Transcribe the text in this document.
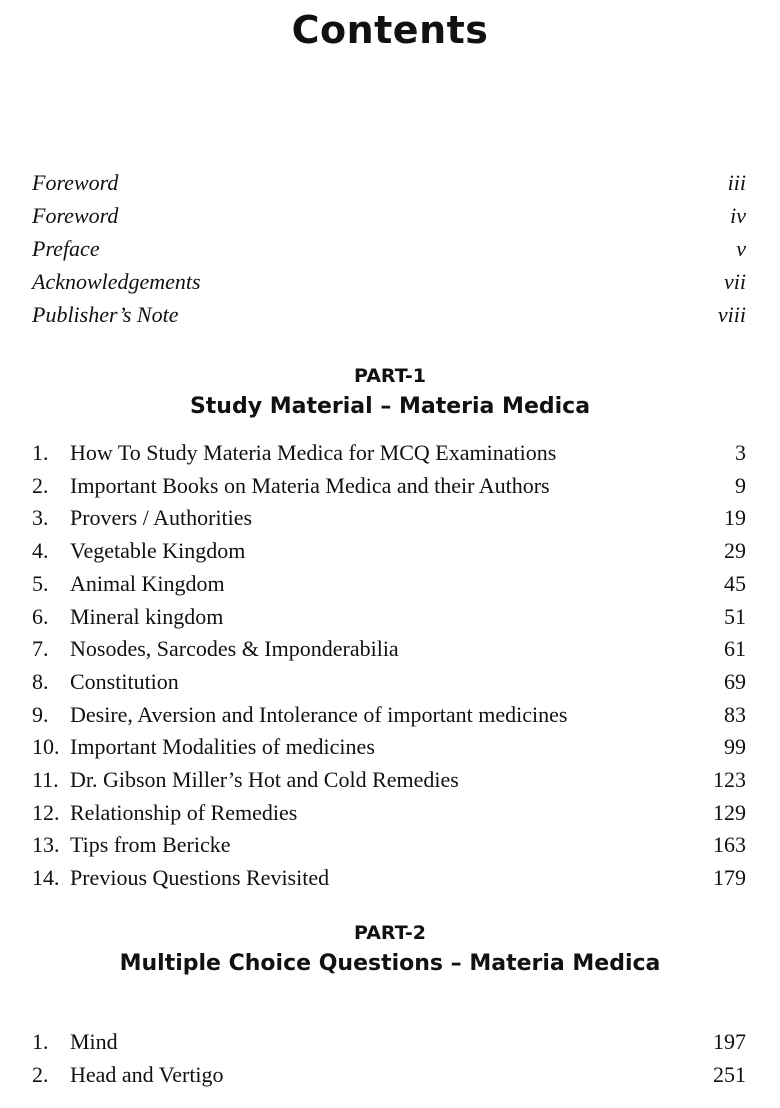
Contents
Foreword	iii
Foreword	iv
Preface	v
Acknowledgements	vii
Publisher’s Note	viii
PART-1
Study Material – Materia Medica
1. How To Study Materia Medica for MCQ Examinations	3
2. Important Books on Materia Medica and their Authors	9
3. Provers / Authorities	19
4. Vegetable Kingdom	29
5. Animal Kingdom	45
6. Mineral kingdom	51
7. Nosodes, Sarcodes & Imponderabilia	61
8. Constitution	69
9. Desire, Aversion and Intolerance of important medicines	83
10. Important Modalities of medicines	99
11. Dr. Gibson Miller’s Hot and Cold Remedies	123
12. Relationship of Remedies	129
13. Tips from Bericke	163
14. Previous Questions Revisited	179
PART-2
Multiple Choice Questions – Materia Medica
1. Mind	197
2. Head and Vertigo	251
